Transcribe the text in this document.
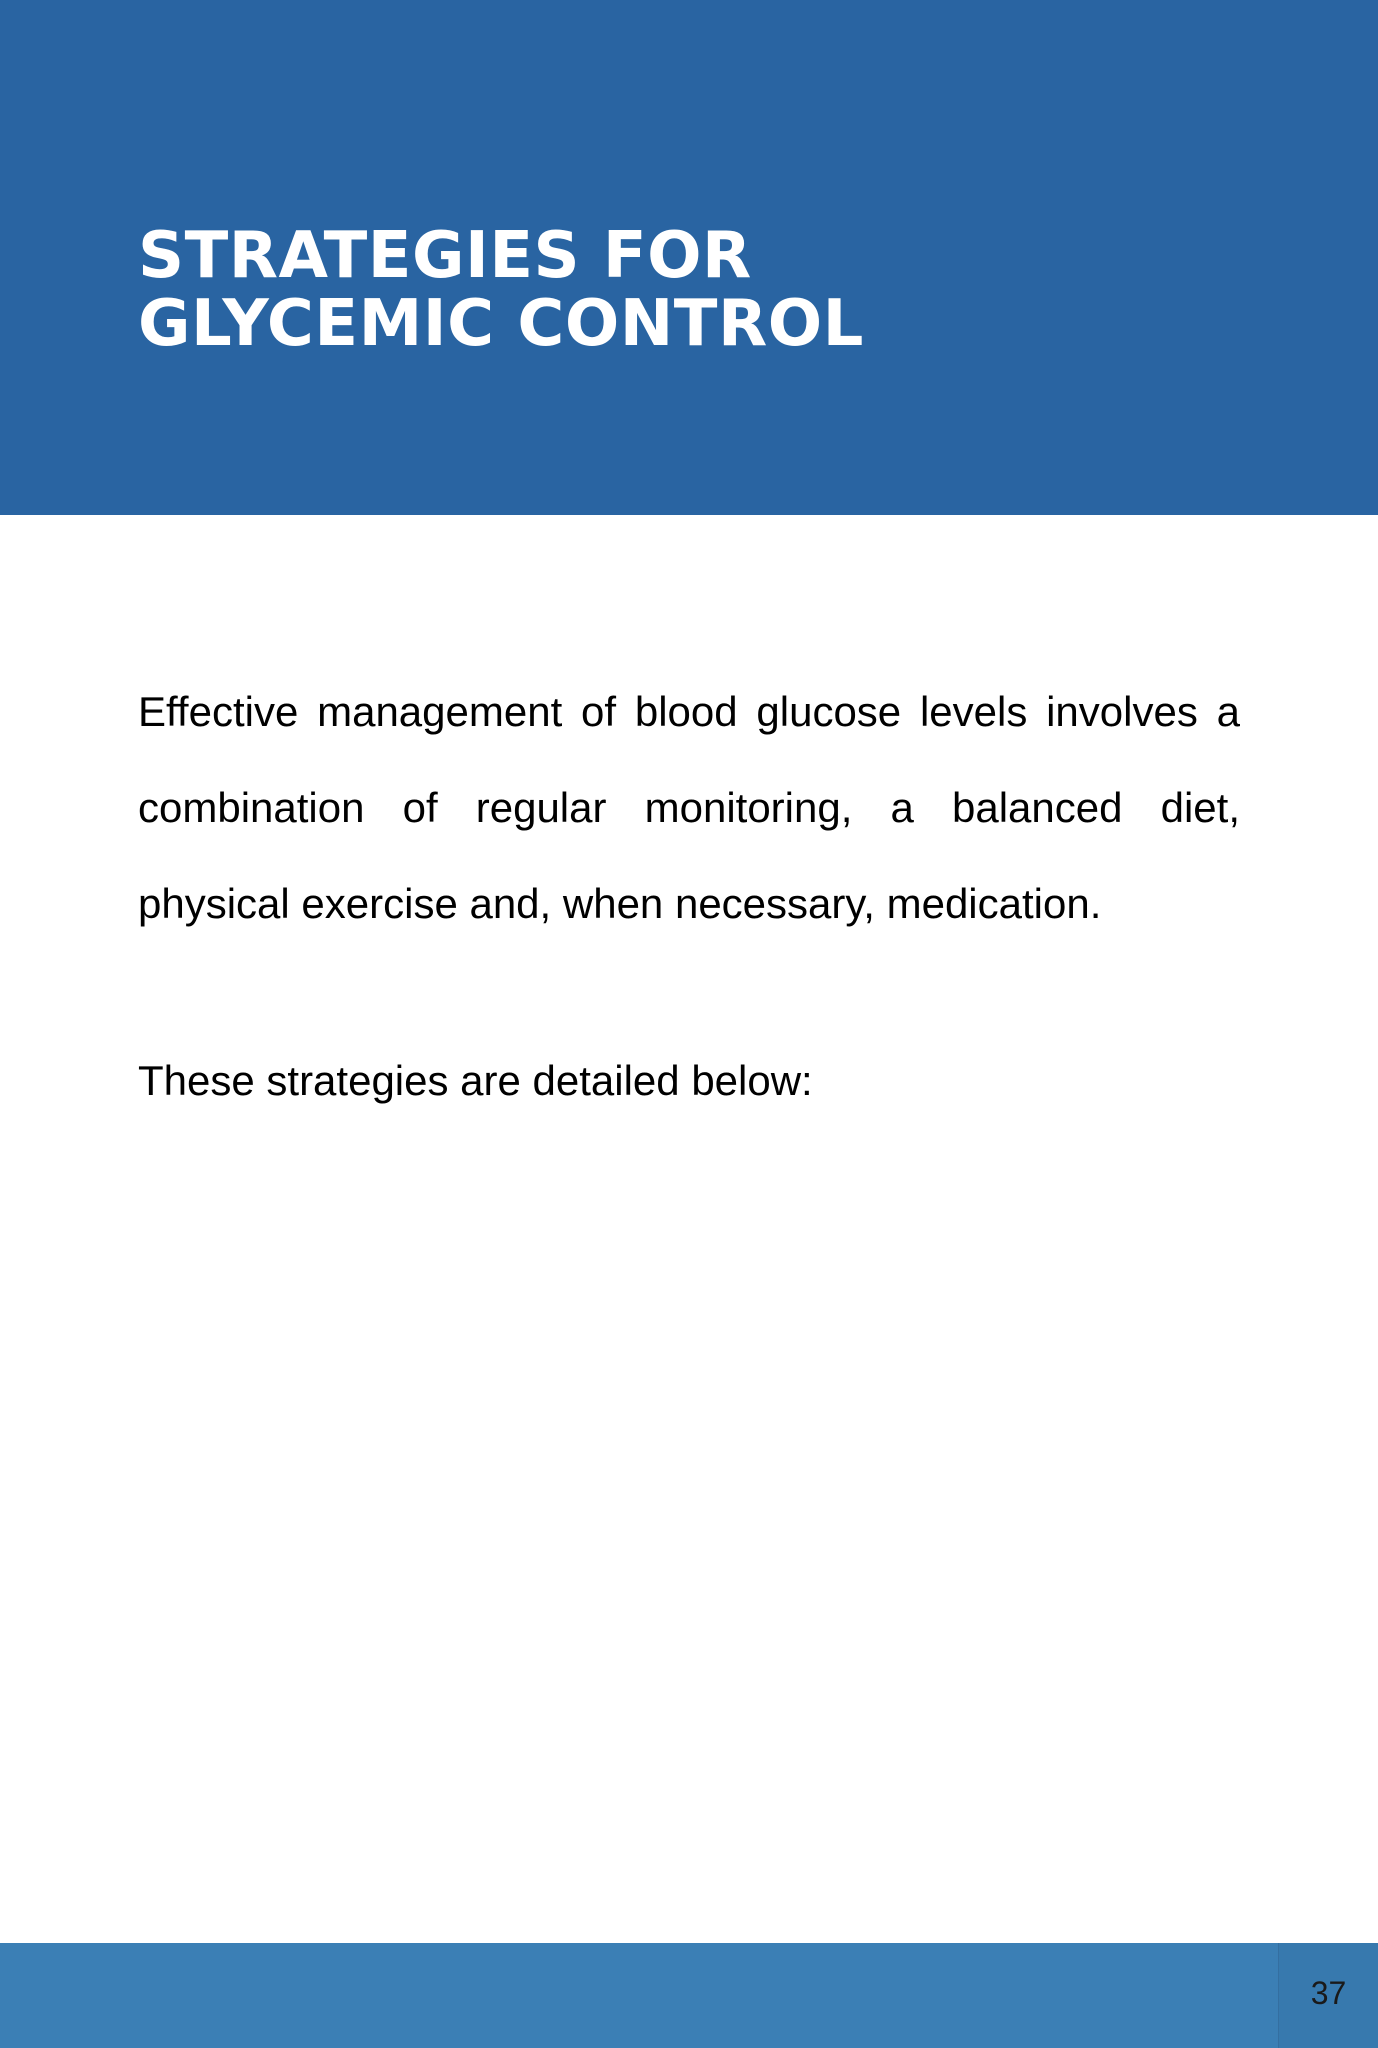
STRATEGIES FOR
GLYCEMIC CONTROL

Effective management of blood glucose levels involves a combination of regular monitoring, a balanced diet, physical exercise and, when necessary, medication.

These strategies are detailed below:

37
